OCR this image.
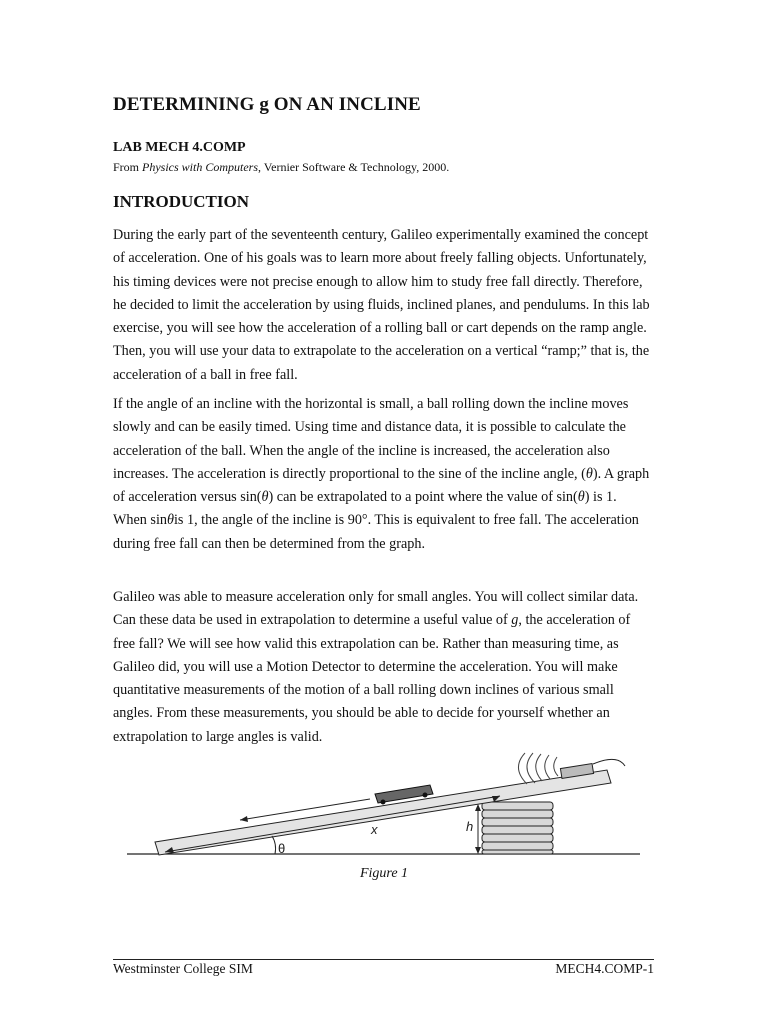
DETERMINING g ON AN INCLINE

LAB MECH 4.COMP

From Physics with Computers, Vernier Software & Technology, 2000.

INTRODUCTION

During the early part of the seventeenth century, Galileo experimentally examined the concept of acceleration. One of his goals was to learn more about freely falling objects. Unfortunately, his timing devices were not precise enough to allow him to study free fall directly. Therefore, he decided to limit the acceleration by using fluids, inclined planes, and pendulums. In this lab exercise, you will see how the acceleration of a rolling ball or cart depends on the ramp angle. Then, you will use your data to extrapolate to the acceleration on a vertical “ramp;” that is, the acceleration of a ball in free fall.

If the angle of an incline with the horizontal is small, a ball rolling down the incline moves slowly and can be easily timed. Using time and distance data, it is possible to calculate the acceleration of the ball. When the angle of the incline is increased, the acceleration also increases. The acceleration is directly proportional to the sine of the incline angle, (θ). A graph of acceleration versus sin(θ) can be extrapolated to a point where the value of sin(θ) is 1. When sinθis 1, the angle of the incline is 90°. This is equivalent to free fall. The acceleration during free fall can then be determined from the graph.

Galileo was able to measure acceleration only for small angles. You will collect similar data. Can these data be used in extrapolation to determine a useful value of g, the acceleration of free fall? We will see how valid this extrapolation can be. Rather than measuring time, as Galileo did, you will use a Motion Detector to determine the acceleration. You will make quantitative measurements of the motion of a ball rolling down inclines of various small angles. From these measurements, you should be able to decide for yourself whether an extrapolation to large angles is valid.

x	h
θ

Figure 1

Westminster College SIM	MECH4.COMP-1
